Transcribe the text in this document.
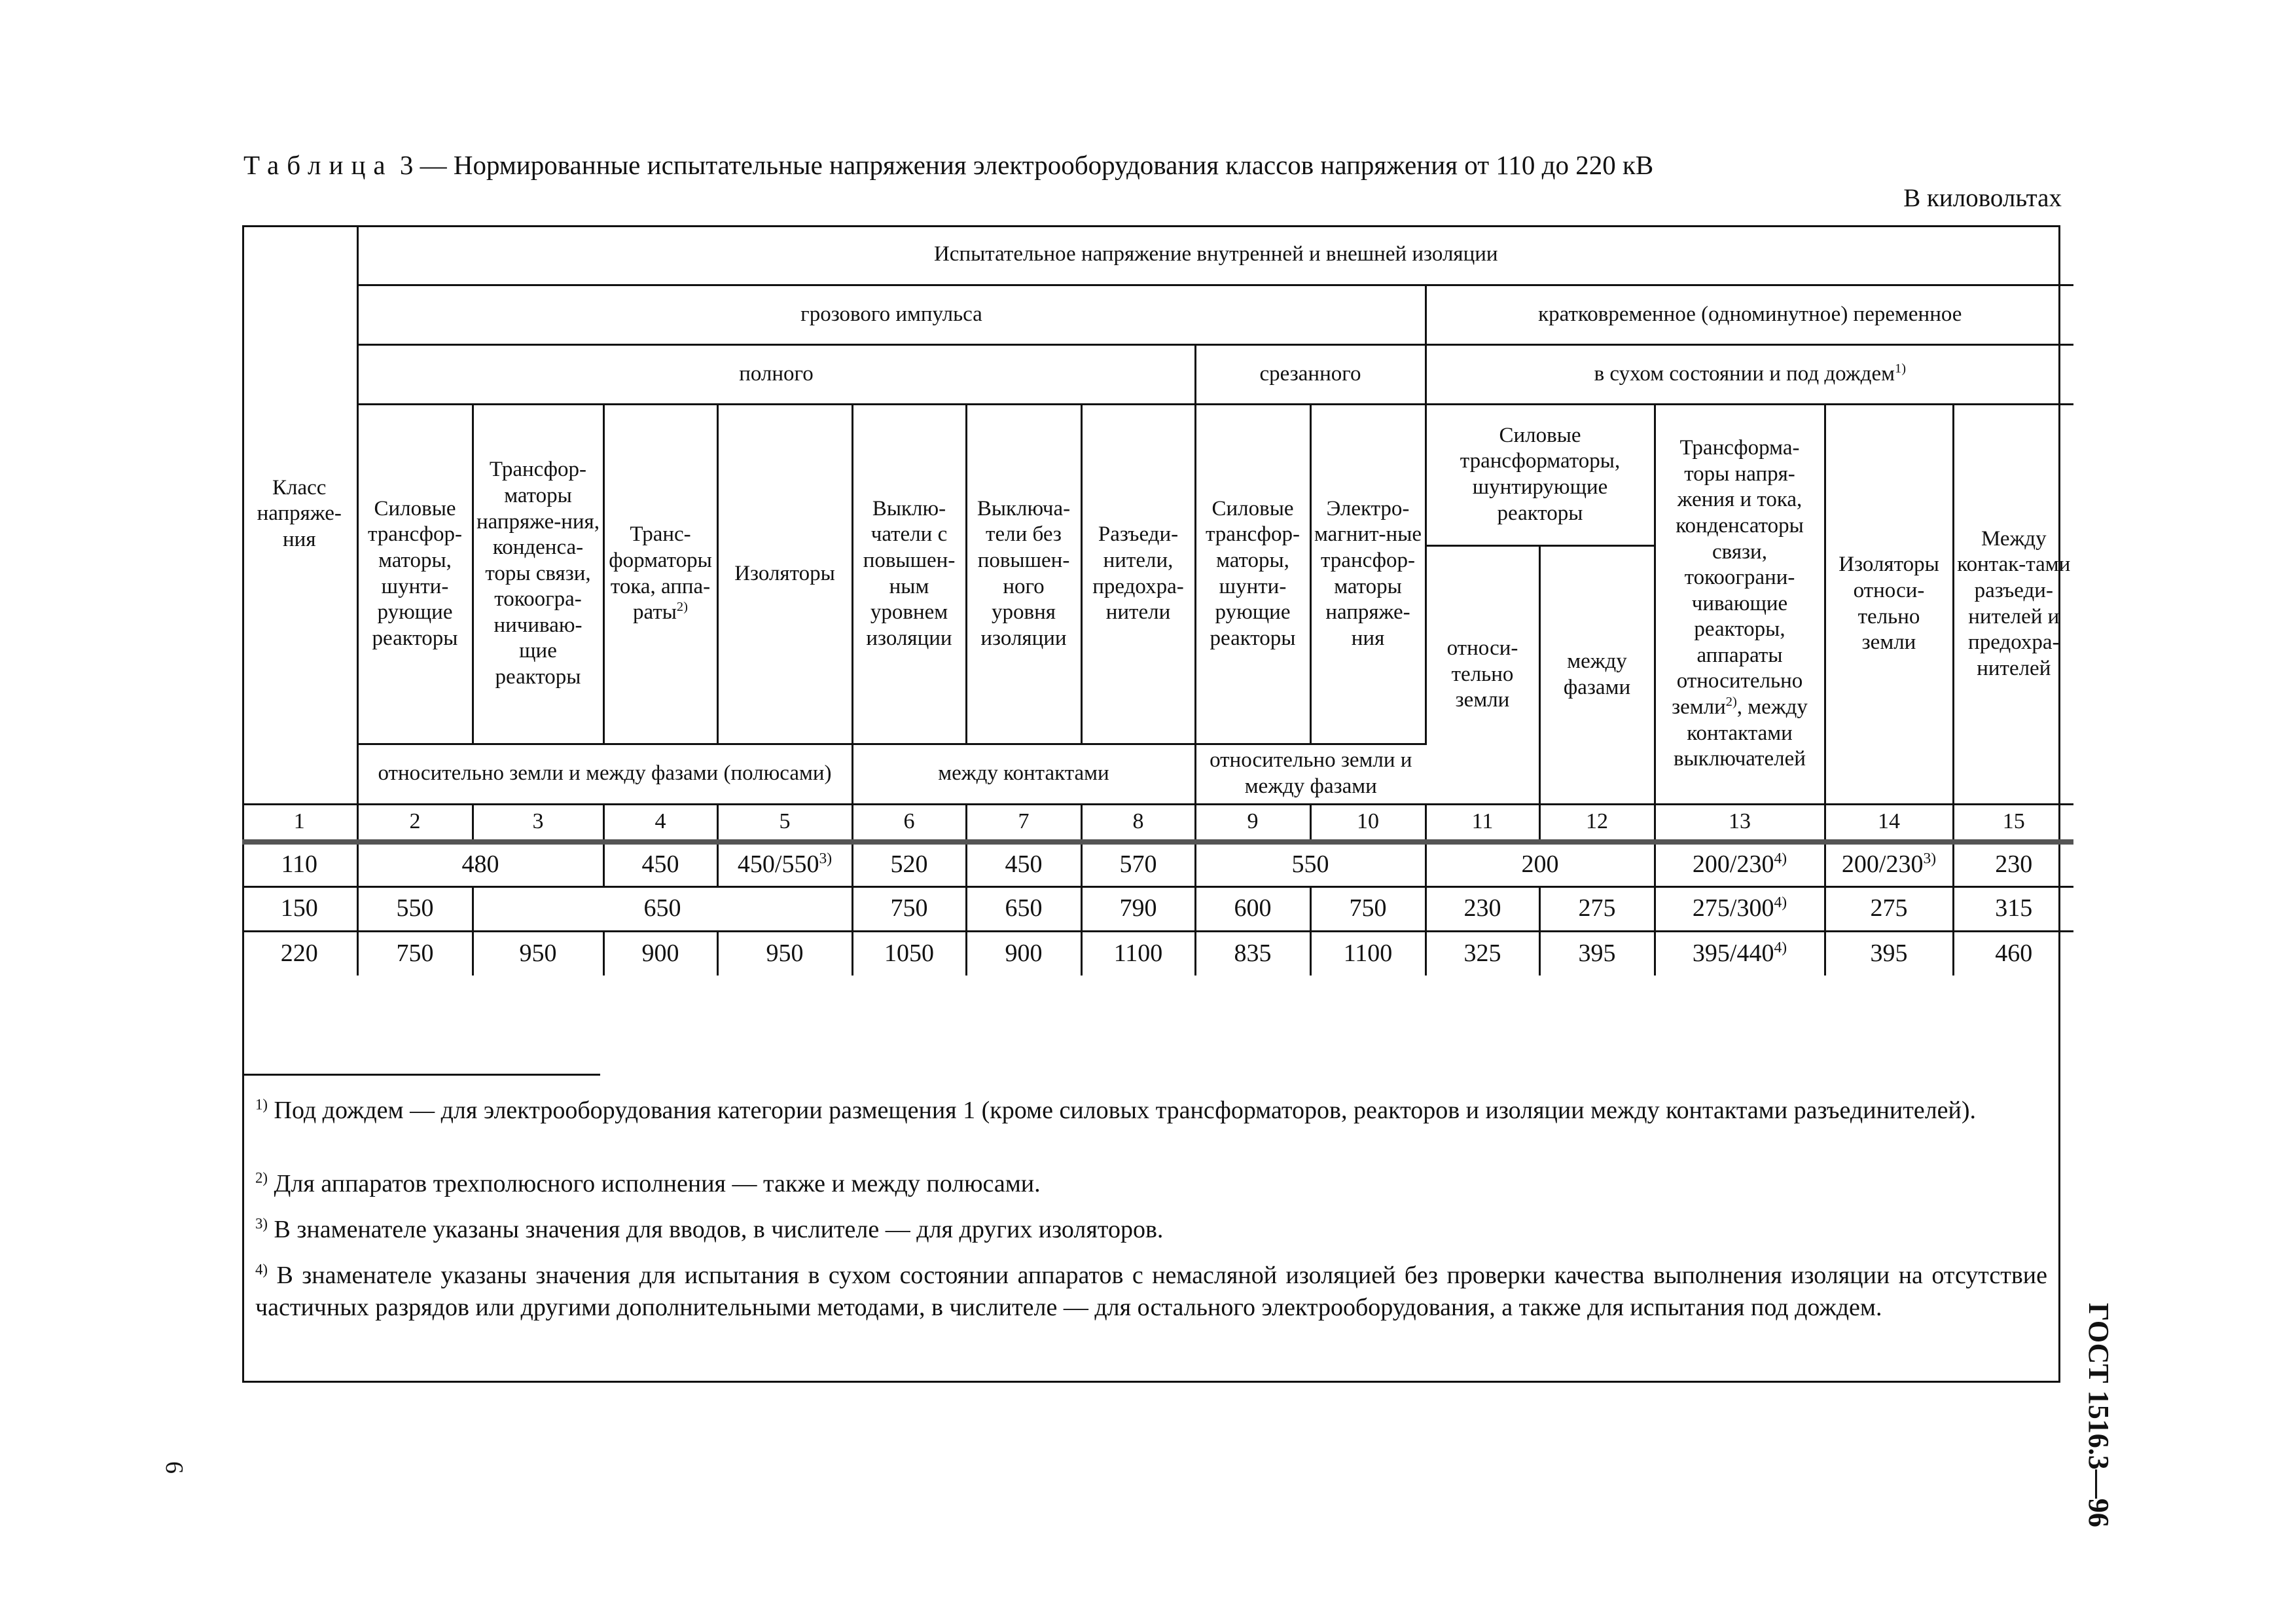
Таблица 3 — Нормированные испытательные напряжения электрооборудования классов напряжения от 110 до 220 кВ
В киловольтах
Класс напряже-ния	Испытательное напряжение внутренней и внешней изоляции													
	грозового импульса									кратковременное (одноминутное) переменное				
	полного							срезанного		в сухом состоянии и под дождем$^{1)}$
	Силовые трансфор-маторы, шунти-рующие реакторы	Трансфор-маторы напряже-ния, конденса-торы связи, токоогра-ничиваю-щие реакторы	Транс-форматоры тока, аппа-раты$^{2)}$	Изоляторы	Выклю-чатели с повышен-ным уровнем изоляции	Выключа-тели без повышен-ного уровня изоляции	Разъеди-нители, предохра-нители	Силовые трансфор-маторы, шунти-рующие реакторы	Электро-магнит-ные трансфор-маторы напряже-ния	Силовые трансформаторы, шунтирующие реакторы		Трансформа-торы напря-жения и тока, конденсаторы связи, токоограни-чивающие реакторы, аппараты относительно земли$^{2)}$, между контактами выключателей	Изоляторы относи-тельно земли	Между контак-тами разъеди-нителей и предохра-нителей
										относи-тельно земли	между фазами			
	относительно земли и между фазами (полюсами)				между контактами			относительно земли и между фазами						
1	2	3	4	5	6	7	8	9	10	11	12	13	14	15
110	480		450	450/550$^{3)}$	520	450	570	550		200		200/230$^{4)}$	200/230$^{3)}$	230
150	550	650			750	650	790	600	750	230	275	275/300$^{4)}$	275	315
220	750	950	900	950	1050	900	1100	835	1100	325	395	395/440$^{4)}$	395	460
$^{1)}$ Под дождем — для электрооборудования категории размещения 1 (кроме силовых трансформаторов, реакторов и изоляции между контактами разъединителей).
$^{2)}$ Для аппаратов трехполюсного исполнения — также и между полюсами.
$^{3)}$ В знаменателе указаны значения для вводов, в числителе — для других изоляторов.
$^{4)}$ В знаменателе указаны значения для испытания в сухом состоянии аппаратов с немасляной изоляцией без проверки качества выполнения изоляции на отсутствие частичных разрядов или другими дополнительными методами, в числителе — для остального электрооборудования, а также для испытания под дождем.	ГОСТ 1516.3—96
6
